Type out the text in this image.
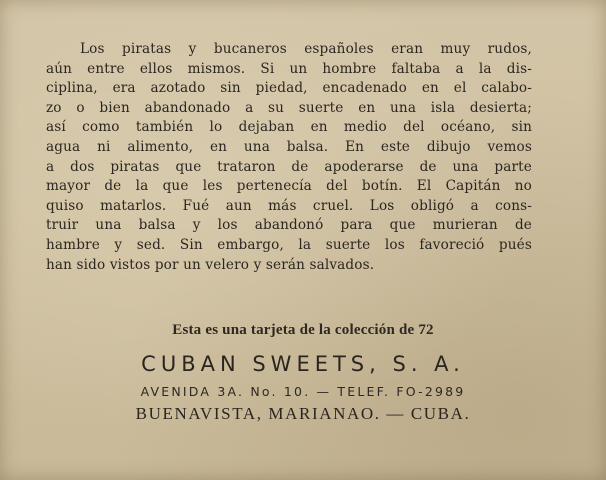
Los piratas y bucaneros españoles eran muy rudos,
aún entre ellos mismos. Si un hombre faltaba a la dis-
ciplina, era azotado sin piedad, encadenado en el calabo-
zo o bien abandonado a su suerte en una isla desierta;
así como también lo dejaban en medio del océano, sin
agua ni alimento, en una balsa. En este dibujo vemos
a dos piratas que trataron de apoderarse de una parte
mayor de la que les pertenecía del botín. El Capitán no
quiso matarlos. Fué aun más cruel. Los obligó a cons-
truir una balsa y los abandonó para que murieran de
hambre y sed. Sin embargo, la suerte los favoreció pués
han sido vistos por un velero y serán salvados.

Esta es una tarjeta de la colección de 72
CUBAN SWEETS, S. A.
AVENIDA 3A. No. 10. — TELEF. FO-2989
BUENAVISTA, MARIANAO. — CUBA.
